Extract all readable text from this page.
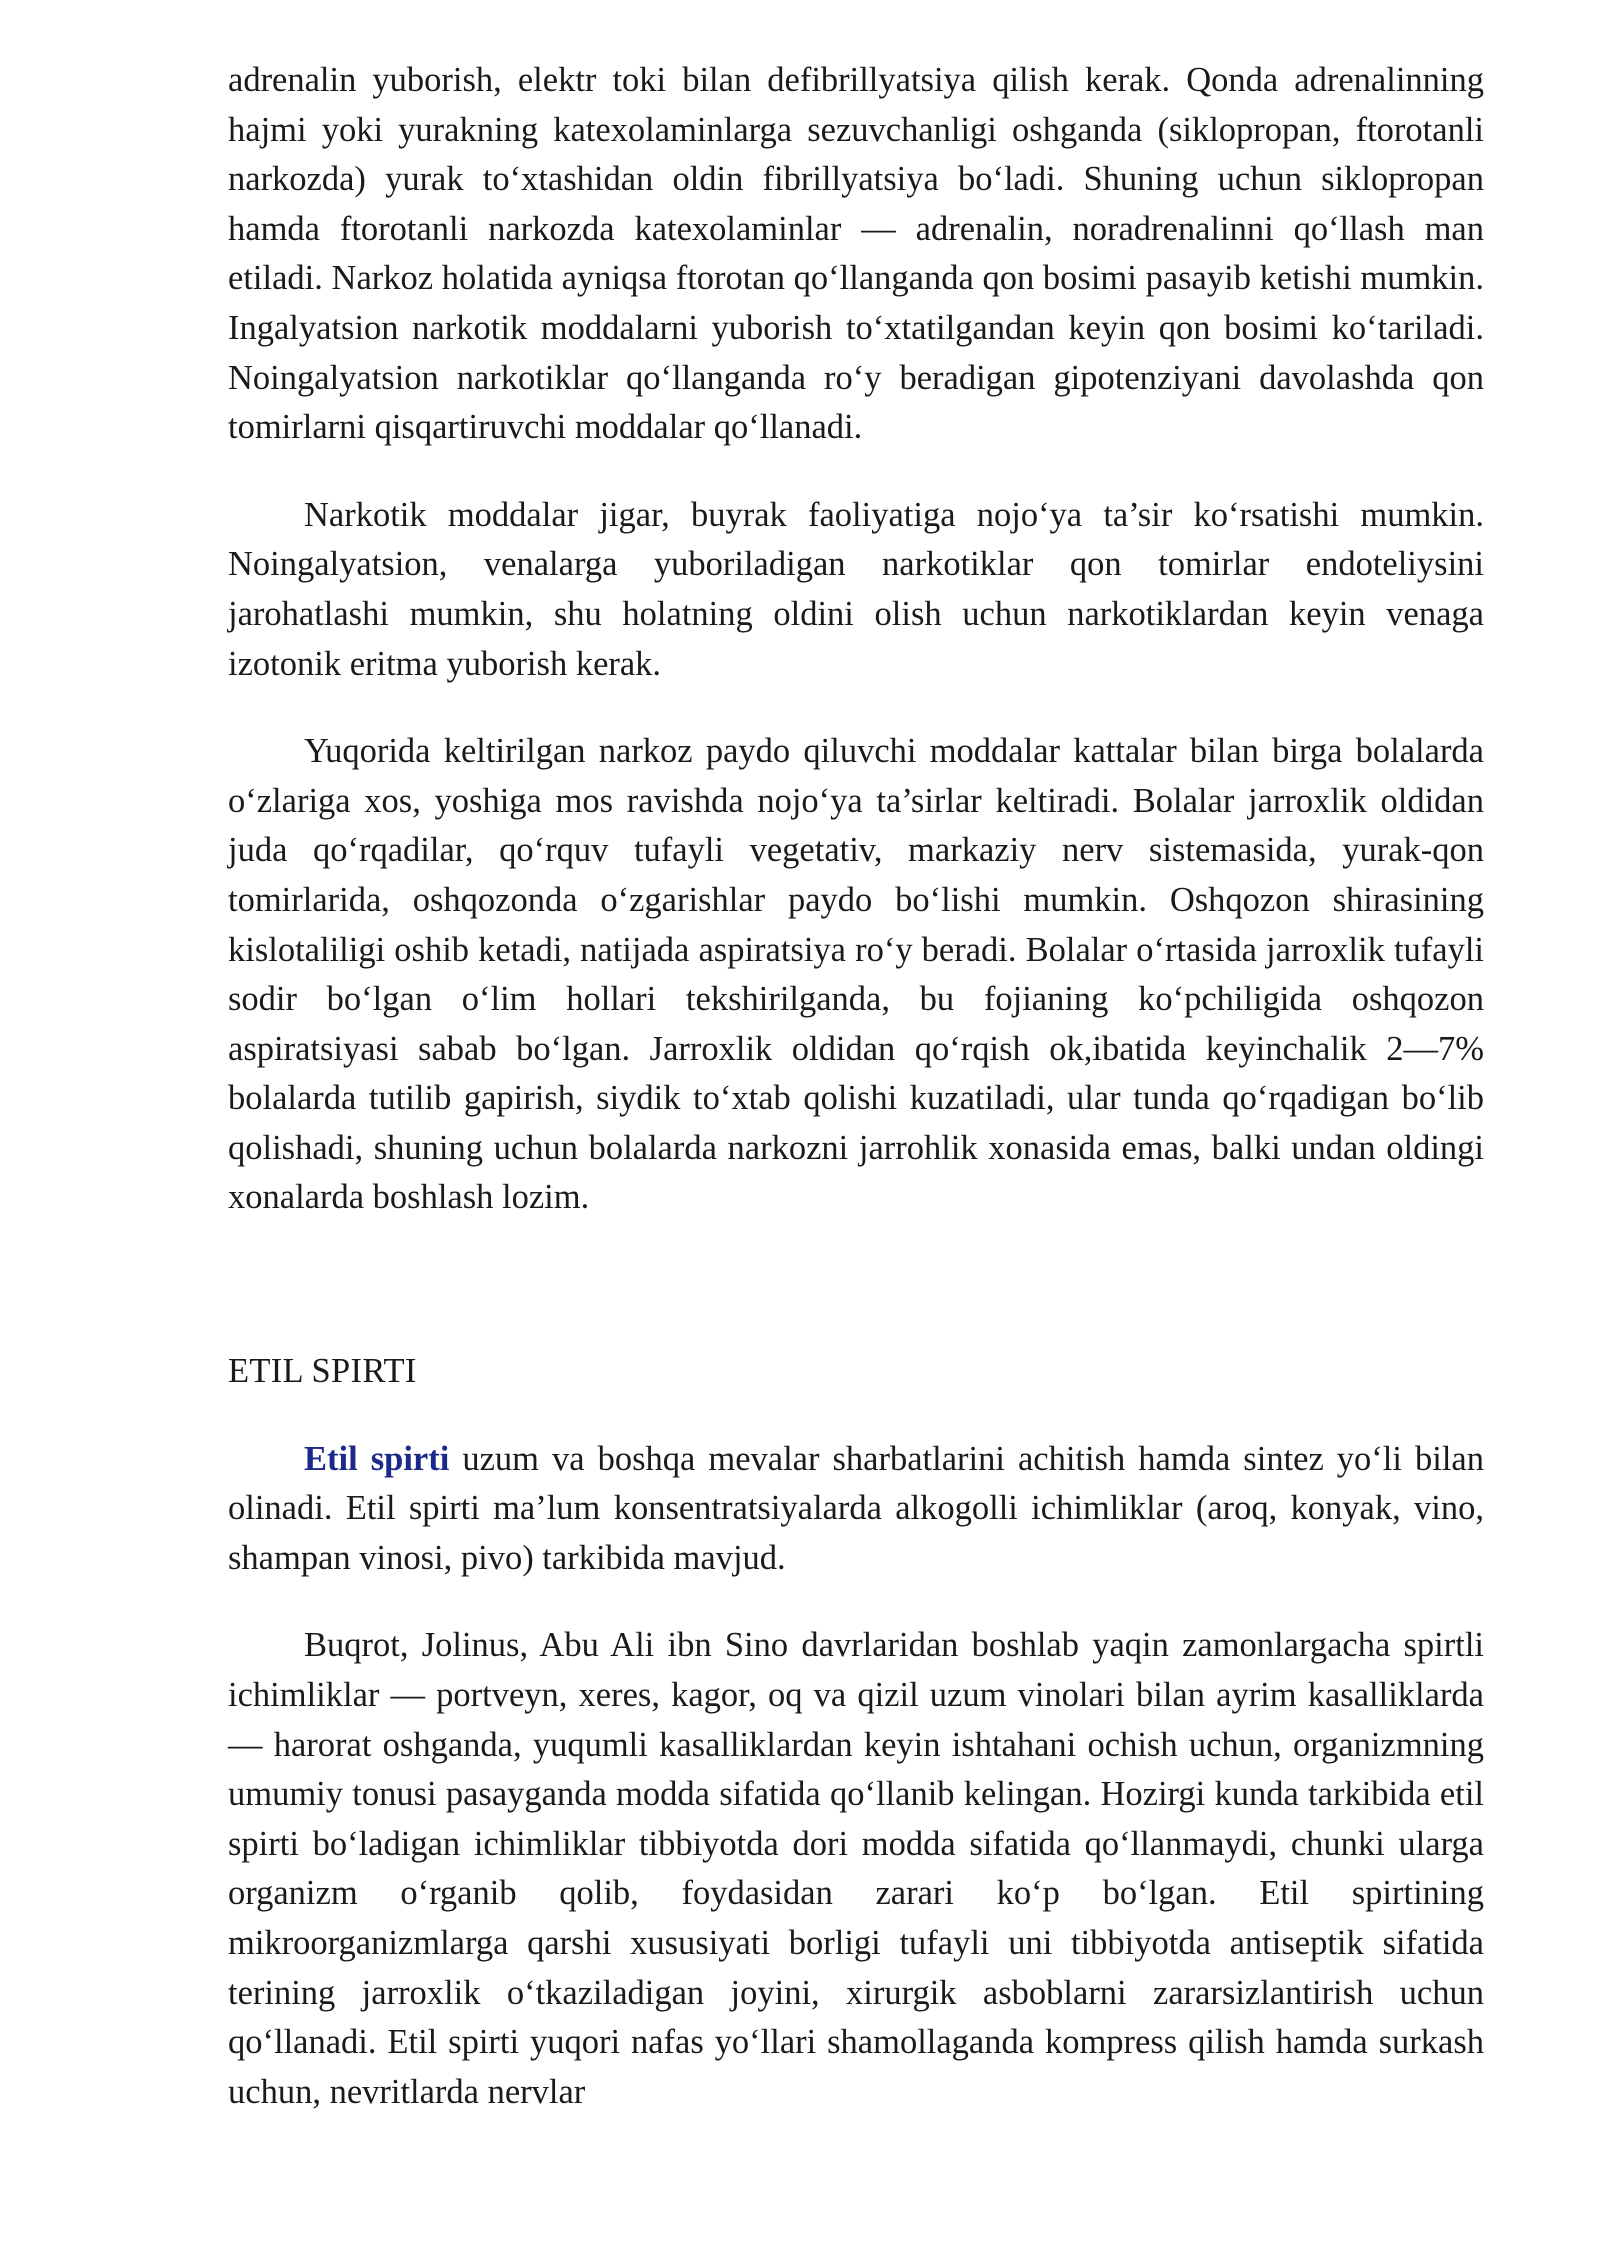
adrenalin yuborish, elektr toki bilan defibrillyatsiya qilish kerak. Qonda adrenalinning hajmi yoki yurakning katexolaminlarga sezuvchanligi oshganda (siklopropan, ftorotanli narkozda) yurak to‘xtashidan oldin fibrillyatsiya bo‘ladi. Shuning uchun siklopropan hamda ftorotanli narkozda katexolaminlar — adrenalin, noradrenalinni qo‘llash man etiladi. Narkoz holatida ayniqsa ftorotan qo‘llanganda qon bosimi pasayib ketishi mumkin. Ingalyatsion narkotik moddalarni yuborish to‘xtatilgandan keyin qon bosimi ko‘tariladi. Noingalyatsion narkotiklar qo‘llanganda ro‘y beradigan gipotenziyani davolashda qon tomirlarni qisqartiruvchi moddalar qo‘llanadi.

Narkotik moddalar jigar, buyrak faoliyatiga nojo‘ya ta’sir ko‘rsatishi mumkin. Noingalyatsion, venalarga yuboriladigan narkotiklar qon tomirlar endoteliysini jarohatlashi mumkin, shu holatning oldini olish uchun narkotiklardan keyin venaga izotonik eritma yuborish kerak.

Yuqorida keltirilgan narkoz paydo qiluvchi moddalar kattalar bilan birga bolalarda o‘zlariga xos, yoshiga mos ravishda nojo‘ya ta’sirlar keltiradi. Bolalar jarroxlik oldidan juda qo‘rqadilar, qo‘rquv tufayli vegetativ, markaziy nerv sistemasida, yurak-qon tomirlarida, oshqozonda o‘zgarishlar paydo bo‘lishi mumkin. Oshqozon shirasining kislotaliligi oshib ketadi, natijada aspiratsiya ro‘y beradi. Bolalar o‘rtasida jarroxlik tufayli sodir bo‘lgan o‘lim hollari tekshirilganda, bu fojianing ko‘pchiligida oshqozon aspiratsiyasi sabab bo‘lgan. Jarroxlik oldidan qo‘rqish ok,ibatida keyinchalik 2—7% bolalarda tutilib gapirish, siydik to‘xtab qolishi kuzatiladi, ular tunda qo‘rqadigan bo‘lib qolishadi, shuning uchun bolalarda narkozni jarrohlik xonasida emas, balki undan oldingi xonalarda boshlash lozim.

ETIL SPIRTI

Etil spirti uzum va boshqa mevalar sharbatlarini achitish hamda sintez yo‘li bilan olinadi. Etil spirti ma’lum konsentratsiyalarda alkogolli ichimliklar (aroq, konyak, vino, shampan vinosi, pivo) tarkibida mavjud.

Buqrot, Jolinus, Abu Ali ibn Sino davrlaridan boshlab yaqin zamonlargacha spirtli ichimliklar — portveyn, xeres, kagor, oq va qizil uzum vinolari bilan ayrim kasalliklarda — harorat oshganda, yuqumli kasalliklardan keyin ishtahani ochish uchun, organizmning umumiy tonusi pasayganda modda sifatida qo‘llanib kelingan. Hozirgi kunda tarkibida etil spirti bo‘ladigan ichimliklar tibbiyotda dori modda sifatida qo‘llanmaydi, chunki ularga organizm o‘rganib qolib, foydasidan zarari ko‘p bo‘lgan. Etil spirtining mikroorganizmlarga qarshi xususiyati borligi tufayli uni tibbiyotda antiseptik sifatida terining jarroxlik o‘tkaziladigan joyini, xirurgik asboblarni zararsizlantirish uchun qo‘llanadi. Etil spirti yuqori nafas yo‘llari shamollaganda kompress qilish hamda surkash uchun, nevritlarda nervlar
